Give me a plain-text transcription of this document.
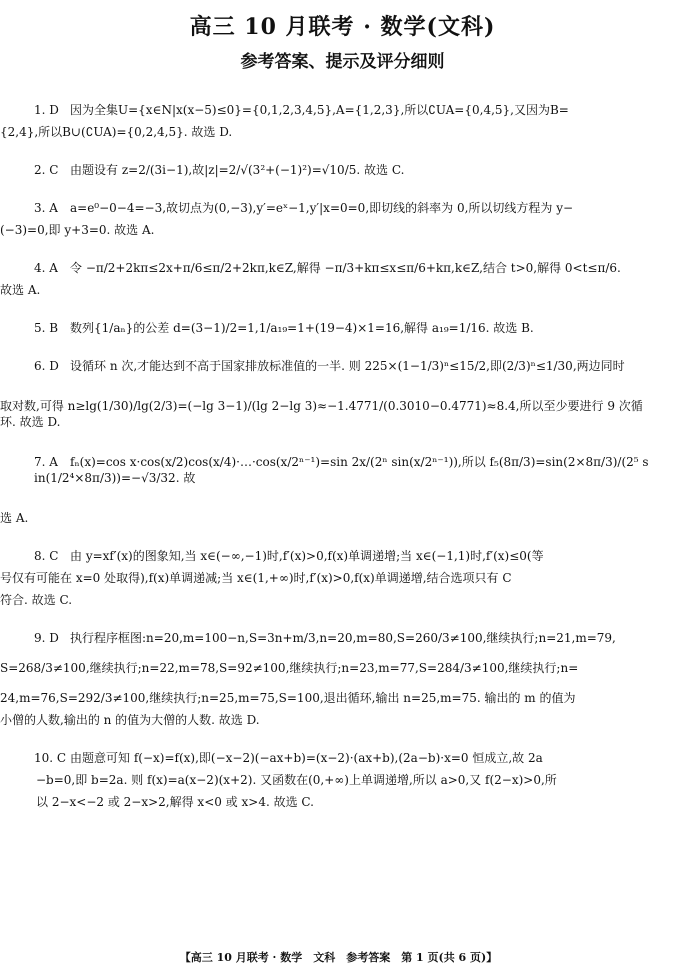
高三 10 月联考 · 数学(文科)
参考答案、提示及评分细则
1. D 因为全集U={x∈N|x(x−5)≤0}={0,1,2,3,4,5},A={1,2,3},所以∁UA={0,4,5},又因为B=
{2,4},所以B∪(∁UA)={0,2,4,5}. 故选 D.
2. C 由题设有 z=2/(3i−1),故|z|=2/√(3²+(−1)²)=√10/5. 故选 C.
3. A a=e⁰−0−4=−3,故切点为(0,−3),y′=eˣ−1,y′|x=0=0,即切线的斜率为 0,所以切线方程为 y−
(−3)=0,即 y+3=0. 故选 A.
4. A 令 −π/2+2kπ≤2x+π/6≤π/2+2kπ,k∈Z,解得 −π/3+kπ≤x≤π/6+kπ,k∈Z,结合 t>0,解得 0<t≤π/6.
故选 A.
5. B 数列{1/aₙ}的公差 d=(3−1)/2=1,1/a₁₉=1+(19−4)×1=16,解得 a₁₉=1/16. 故选 B.
6. D 设循环 n 次,才能达到不高于国家排放标准值的一半. 则 225×(1−1/3)ⁿ≤15/2,即(2/3)ⁿ≤1/30,两边同时
取对数,可得 n≥lg(1/30)/lg(2/3)=(−lg 3−1)/(lg 2−lg 3)≈−1.4771/(0.3010−0.4771)≈8.4,所以至少要进行 9 次循环. 故选 D.
7. A fₙ(x)=cos x·cos(x/2)cos(x/4)·…·cos(x/2ⁿ⁻¹)=sin 2x/(2ⁿ sin(x/2ⁿ⁻¹)),所以 f₅(8π/3)=sin(2×8π/3)/(2⁵ sin(1/2⁴×8π/3))=−√3/32. 故
选 A.
8. C 由 y=xf′(x)的图象知,当 x∈(−∞,−1)时,f′(x)>0,f(x)单调递增;当 x∈(−1,1)时,f′(x)≤0(等
号仅有可能在 x=0 处取得),f(x)单调递减;当 x∈(1,+∞)时,f′(x)>0,f(x)单调递增,结合选项只有 C
符合. 故选 C.
9. D 执行程序框图:n=20,m=100−n,S=3n+m/3,n=20,m=80,S=260/3≠100,继续执行;n=21,m=79,
S=268/3≠100,继续执行;n=22,m=78,S=92≠100,继续执行;n=23,m=77,S=284/3≠100,继续执行;n=
24,m=76,S=292/3≠100,继续执行;n=25,m=75,S=100,退出循环,输出 n=25,m=75. 输出的 m 的值为
小僧的人数,输出的 n 的值为大僧的人数. 故选 D.
10. C 由题意可知 f(−x)=f(x),即(−x−2)(−ax+b)=(x−2)·(ax+b),(2a−b)·x=0 恒成立,故 2a
−b=0,即 b=2a. 则 f(x)=a(x−2)(x+2). 又函数在(0,+∞)上单调递增,所以 a>0,又 f(2−x)>0,所
以 2−x<−2 或 2−x>2,解得 x<0 或 x>4. 故选 C.
【高三 10 月联考 · 数学　文科　参考答案　第 1 页(共 6 页)】
